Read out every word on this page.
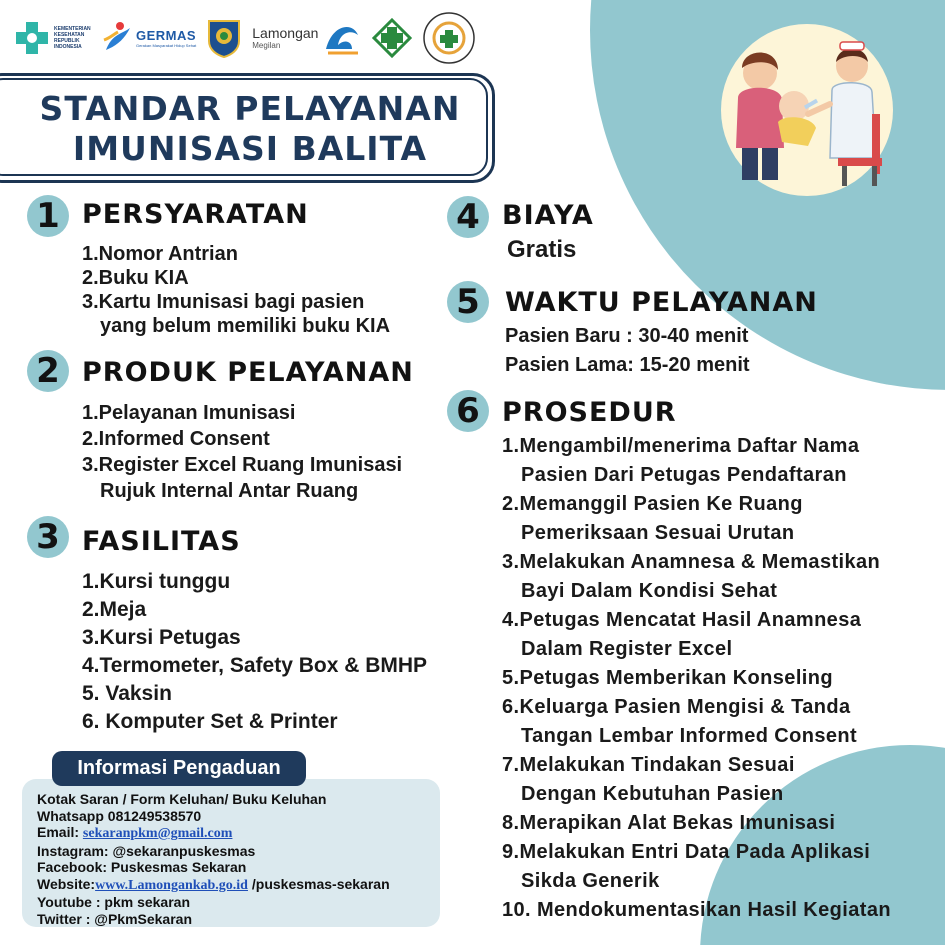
KEMENTERIAN KESEHATAN REPUBLIK INDONESIA
GERMAS
Gerakan Masyarakat Hidup Sehat
Lamongan
Megilan
STANDAR PELAYANAN
IMUNISASI BALITA
1 PERSYARATAN
1.Nomor Antrian
2.Buku KIA
3.Kartu Imunisasi bagi pasien
yang belum memiliki buku KIA
2 PRODUK PELAYANAN
1.Pelayanan Imunisasi
2.Informed Consent
3.Register Excel Ruang Imunisasi
Rujuk Internal Antar Ruang
3 FASILITAS
1.Kursi tunggu
2.Meja
3.Kursi Petugas
4.Termometer, Safety Box & BMHP
5. Vaksin
6. Komputer Set & Printer
4 BIAYA
Gratis
5 WAKTU PELAYANAN
Pasien Baru : 30-40 menit
Pasien Lama: 15-20 menit
6 PROSEDUR
1.Mengambil/menerima Daftar Nama
Pasien Dari Petugas Pendaftaran
2.Memanggil Pasien Ke Ruang
Pemeriksaan Sesuai Urutan
3.Melakukan Anamnesa & Memastikan
Bayi Dalam Kondisi Sehat
4.Petugas Mencatat Hasil Anamnesa
Dalam Register Excel
5.Petugas Memberikan Konseling
6.Keluarga Pasien Mengisi & Tanda
Tangan Lembar Informed Consent
7.Melakukan Tindakan Sesuai
Dengan Kebutuhan Pasien
8.Merapikan Alat Bekas Imunisasi
9.Melakukan Entri Data Pada Aplikasi
Sikda Generik
10. Mendokumentasikan Hasil Kegiatan
Informasi Pengaduan
Kotak Saran / Form Keluhan/ Buku Keluhan
Whatsapp 081249538570
Email: sekaranpkm@gmail.com
Instagram: @sekaranpuskesmas
Facebook: Puskesmas Sekaran
Website:www.Lamongankab.go.id /puskesmas-sekaran
Youtube : pkm sekaran
Twitter : @PkmSekaran
